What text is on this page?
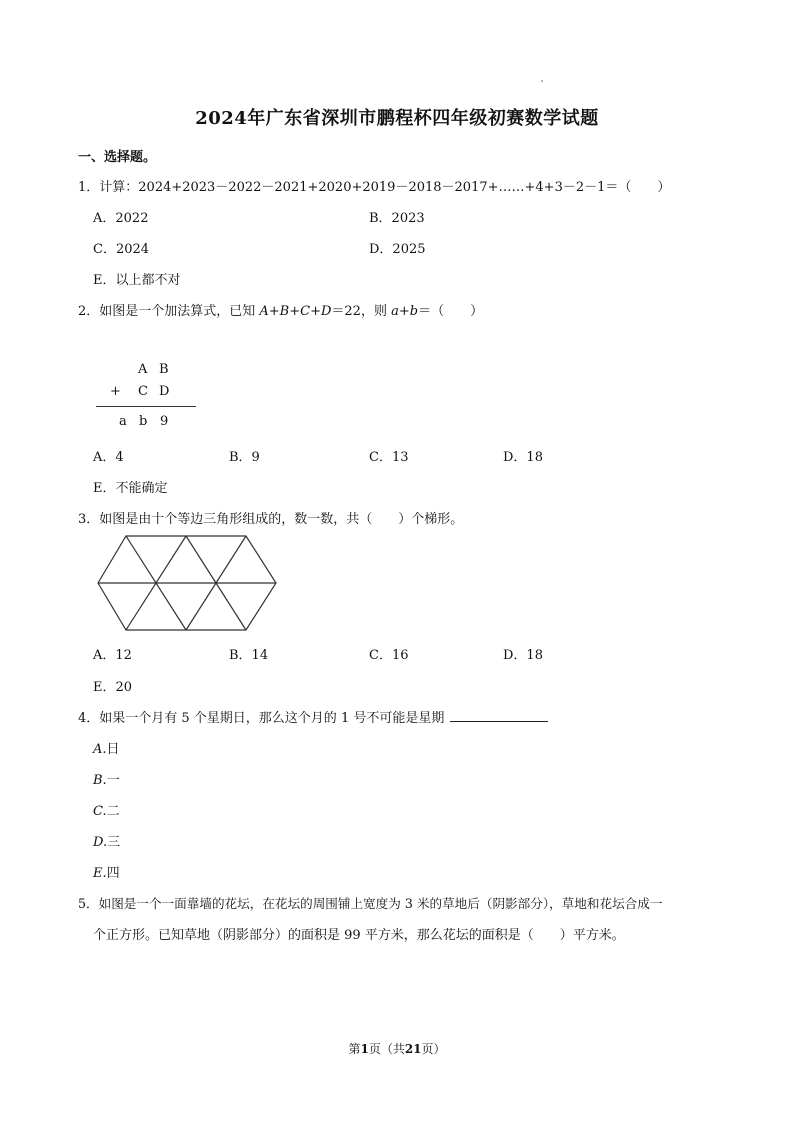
2024年广东省深圳市鹏程杯四年级初赛数学试题
一、选择题。
1．计算：2024+2023－2022－2021+2020+2019－2018－2017+……+4+3－2－1＝（　　）
A．2022	B．2023
C．2024	D．2025
E．以上都不对
2．如图是一个加法算式，已知 A+B+C+D＝22，则 a+b＝（　　）
A B
+ C D
a b 9
A．4	B．9	C．13	D．18
E．不能确定
3．如图是由十个等边三角形组成的，数一数，共（　　）个梯形。
A．12	B．14	C．16	D．18
E．20
4．如果一个月有 5 个星期日，那么这个月的 1 号不可能是星期
A.日
B.一
C.二
D.三
E.四
5．如图是一个一面靠墙的花坛，在花坛的周围铺上宽度为 3 米的草地后（阴影部分），草地和花坛合成一
个正方形。已知草地（阴影部分）的面积是 99 平方米，那么花坛的面积是（　　）平方米。
第1页（共21页）
